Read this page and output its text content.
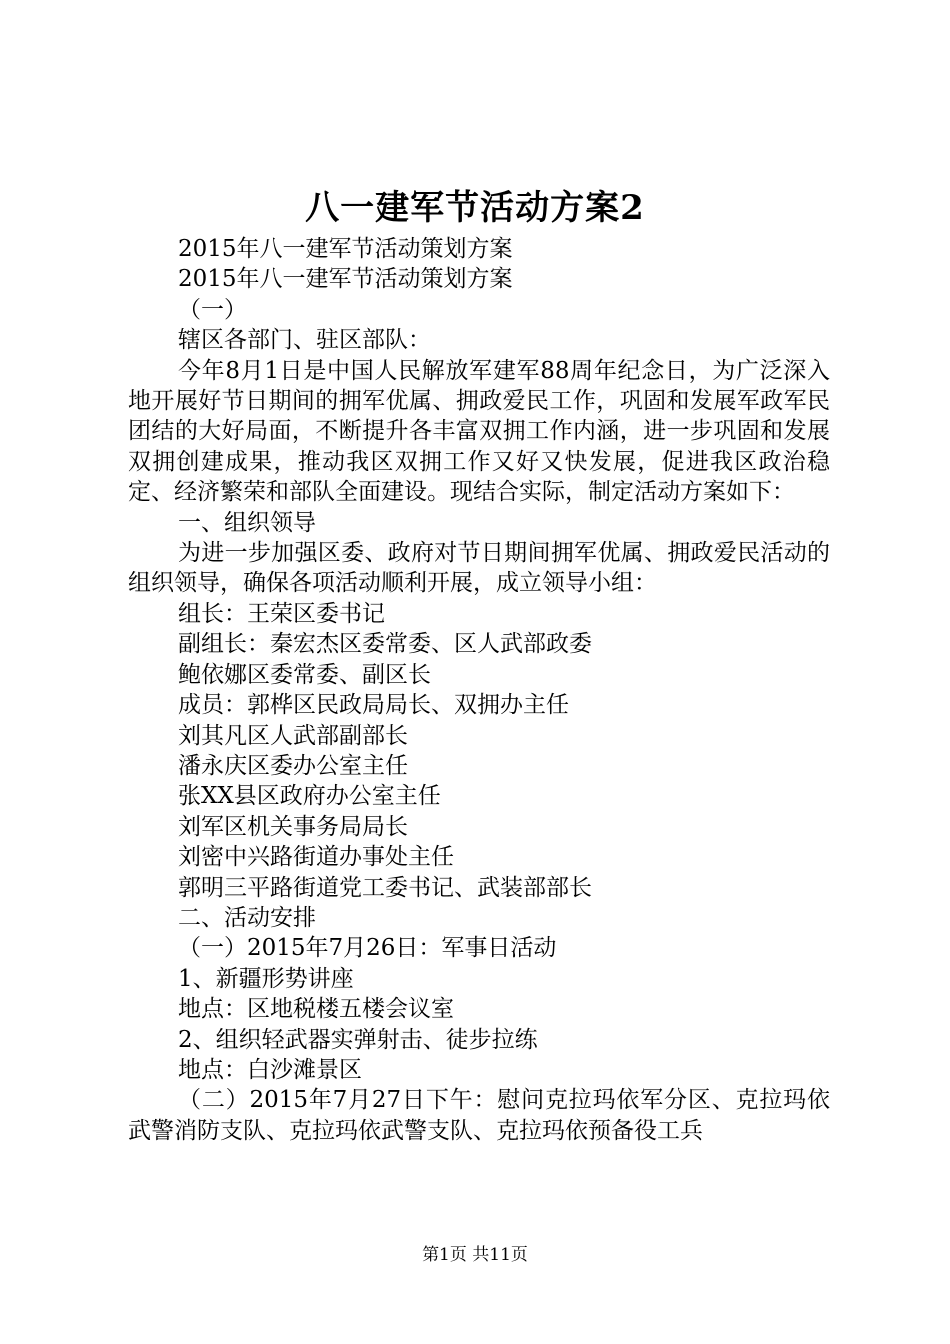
八一建军节活动方案2

2015年八一建军节活动策划方案

2015年八一建军节活动策划方案

（一）

辖区各部门、驻区部队：

今年8月1日是中国人民解放军建军88周年纪念日，为广泛深入地开展好节日期间的拥军优属、拥政爱民工作，巩固和发展军政军民团结的大好局面，不断提升各丰富双拥工作内涵，进一步巩固和发展双拥创建成果，推动我区双拥工作又好又快发展，促进我区政治稳定、经济繁荣和部队全面建设。现结合实际，制定活动方案如下：

一、组织领导

为进一步加强区委、政府对节日期间拥军优属、拥政爱民活动的组织领导，确保各项活动顺利开展，成立领导小组：

组长：王荣区委书记

副组长：秦宏杰区委常委、区人武部政委

鲍依娜区委常委、副区长

成员：郭桦区民政局局长、双拥办主任

刘其凡区人武部副部长

潘永庆区委办公室主任

张XX县区政府办公室主任

刘军区机关事务局局长

刘密中兴路街道办事处主任

郭明三平路街道党工委书记、武装部部长

二、活动安排

（一）2015年7月26日：军事日活动

1、新疆形势讲座

地点：区地税楼五楼会议室

2、组织轻武器实弹射击、徒步拉练

地点：白沙滩景区

（二）2015年7月27日下午：慰问克拉玛依军分区、克拉玛依武警消防支队、克拉玛依武警支队、克拉玛依预备役工兵

第1页 共11页
